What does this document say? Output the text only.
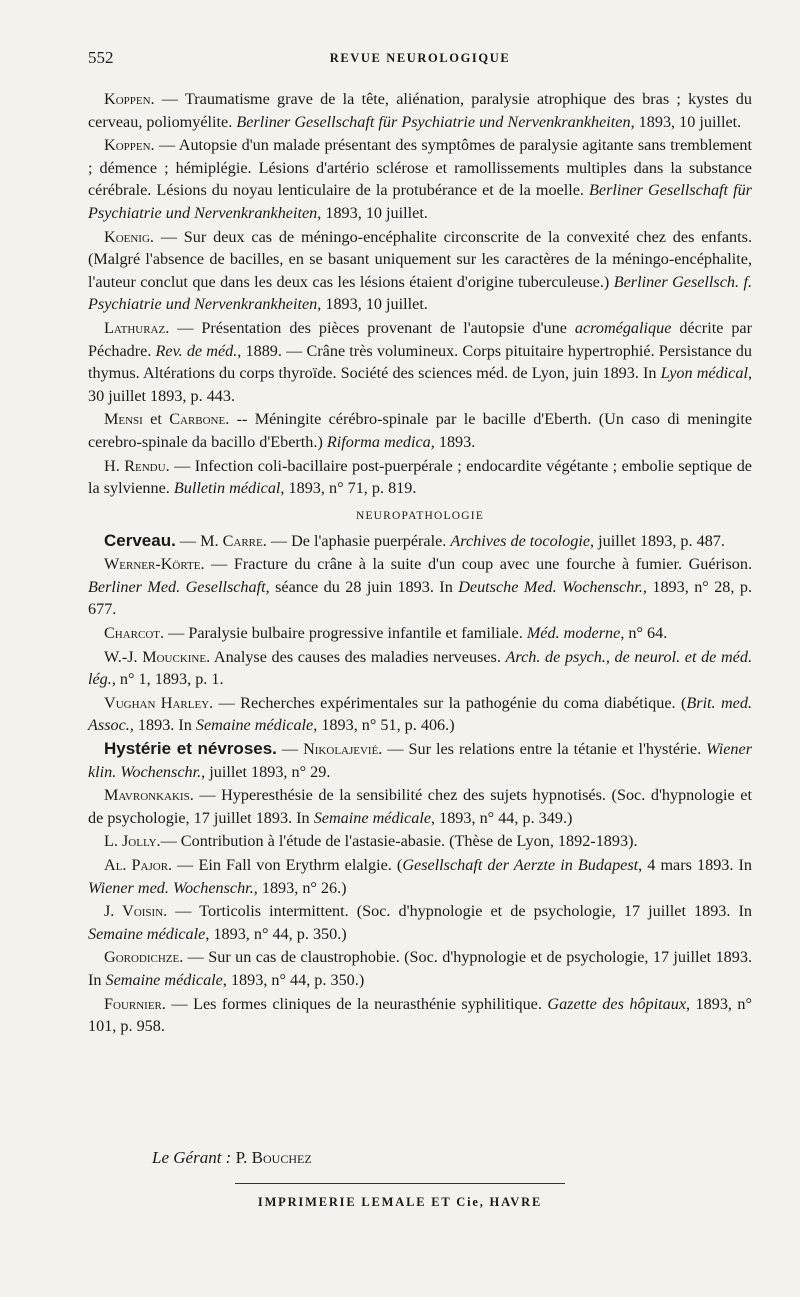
552	REVUE NEUROLOGIQUE

Koppen. — Traumatisme grave de la tête, aliénation, paralysie atrophique des bras ; kystes du cerveau, poliomyélite. Berliner Gesellschaft für Psychiatrie und Nervenkrankheiten, 1893, 10 juillet.

Koppen. — Autopsie d'un malade présentant des symptômes de paralysie agitante sans tremblement ; démence ; hémiplégie. Lésions d'artério sclérose et ramollissements multiples dans la substance cérébrale. Lésions du noyau lenticulaire de la protubérance et de la moelle. Berliner Gesellschaft für Psychiatrie und Nervenkrankheiten, 1893, 10 juillet.

Koenig. — Sur deux cas de méningo-encéphalite circonscrite de la convexité chez des enfants. (Malgré l'absence de bacilles, en se basant uniquement sur les caractères de la méningo-encéphalite, l'auteur conclut que dans les deux cas les lésions étaient d'origine tuberculeuse.) Berliner Gesellsch. f. Psychiatrie und Nervenkrankheiten, 1893, 10 juillet.

Lathuraz. — Présentation des pièces provenant de l'autopsie d'une acromégalique décrite par Péchadre. Rev. de méd., 1889. — Crâne très volumineux. Corps pituitaire hypertrophié. Persistance du thymus. Altérations du corps thyroïde. Société des sciences méd. de Lyon, juin 1893. In Lyon médical, 30 juillet 1893, p. 443.

Mensi et Carbone. -- Méningite cérébro-spinale par le bacille d'Eberth. (Un caso di meningite cerebro-spinale da bacillo d'Eberth.) Riforma medica, 1893.

H. Rendu. — Infection coli-bacillaire post-puerpérale ; endocardite végétante ; embolie septique de la sylvienne. Bulletin médical, 1893, n° 71, p. 819.

NEUROPATHOLOGIE

Cerveau. — M. Carre. — De l'aphasie puerpérale. Archives de tocologie, juillet 1893, p. 487.

Werner-Körte. — Fracture du crâne à la suite d'un coup avec une fourche à fumier. Guérison. Berliner Med. Gesellschaft, séance du 28 juin 1893. In Deutsche Med. Wochenschr., 1893, n° 28, p. 677.

Charcot. — Paralysie bulbaire progressive infantile et familiale. Méd. moderne, n° 64.

W.-J. Mouckine. Analyse des causes des maladies nerveuses. Arch. de psych., de neurol. et de méd. lég., n° 1, 1893, p. 1.

Vughan Harley. — Recherches expérimentales sur la pathogénie du coma diabétique. (Brit. med. Assoc., 1893. In Semaine médicale, 1893, n° 51, p. 406.)

Hystérie et névroses. — Nikolajevié. — Sur les relations entre la tétanie et l'hystérie. Wiener klin. Wochenschr., juillet 1893, n° 29.

Mavronkakis. — Hyperesthésie de la sensibilité chez des sujets hypnotisés. (Soc. d'hypnologie et de psychologie, 17 juillet 1893. In Semaine médicale, 1893, n° 44, p. 349.)

L. Jolly.— Contribution à l'étude de l'astasie-abasie. (Thèse de Lyon, 1892-1893).

Al. Pajor. — Ein Fall von Erythrm elalgie. (Gesellschaft der Aerzte in Budapest, 4 mars 1893. In Wiener med. Wochenschr., 1893, n° 26.)

J. Voisin. — Torticolis intermittent. (Soc. d'hypnologie et de psychologie, 17 juillet 1893. In Semaine médicale, 1893, n° 44, p. 350.)

Gorodichze. — Sur un cas de claustrophobie. (Soc. d'hypnologie et de psychologie, 17 juillet 1893. In Semaine médicale, 1893, n° 44, p. 350.)

Fournier. — Les formes cliniques de la neurasthénie syphilitique. Gazette des hôpitaux, 1893, n° 101, p. 958.

Le Gérant : P. Bouchez
IMPRIMERIE LEMALE ET Cie, HAVRE
